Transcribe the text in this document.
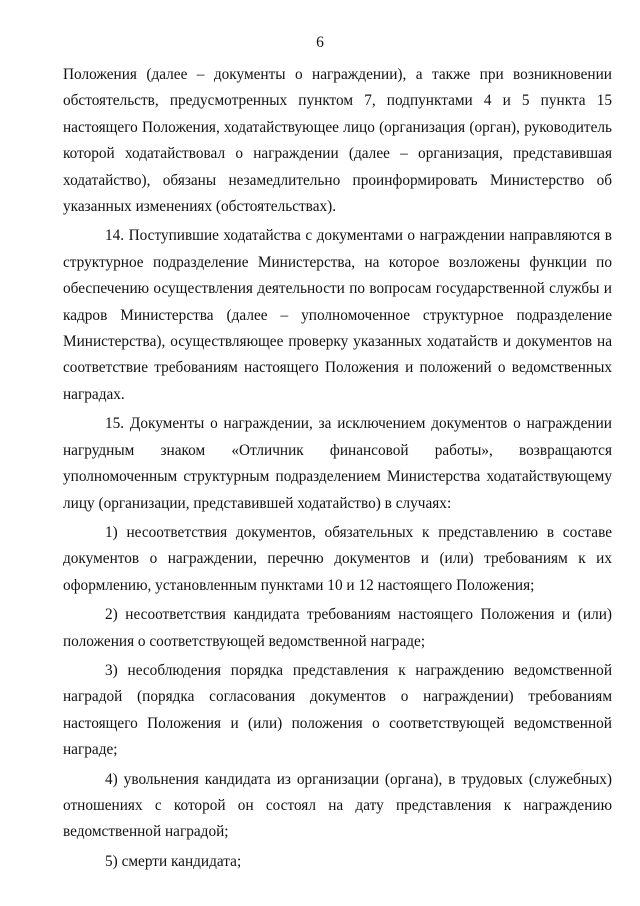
6

Положения (далее – документы о награждении), а также при возникновении обстоятельств, предусмотренных пунктом 7, подпунктами 4 и 5 пункта 15 настоящего Положения, ходатайствующее лицо (организация (орган), руководитель которой ходатайствовал о награждении (далее – организация, представившая ходатайство), обязаны незамедлительно проинформировать Министерство об указанных изменениях (обстоятельствах).

14. Поступившие ходатайства с документами о награждении направляются в структурное подразделение Министерства, на которое возложены функции по обеспечению осуществления деятельности по вопросам государственной службы и кадров Министерства (далее – уполномоченное структурное подразделение Министерства), осуществляющее проверку указанных ходатайств и документов на соответствие требованиям настоящего Положения и положений о ведомственных наградах.

15. Документы о награждении, за исключением документов о награждении нагрудным знаком «Отличник финансовой работы», возвращаются уполномоченным структурным подразделением Министерства ходатайствующему лицу (организации, представившей ходатайство) в случаях:

1) несоответствия документов, обязательных к представлению в составе документов о награждении, перечню документов и (или) требованиям к их оформлению, установленным пунктами 10 и 12 настоящего Положения;

2) несоответствия кандидата требованиям настоящего Положения и (или) положения о соответствующей ведомственной награде;

3) несоблюдения порядка представления к награждению ведомственной наградой (порядка согласования документов о награждении) требованиям настоящего Положения и (или) положения о соответствующей ведомственной награде;

4) увольнения кандидата из организации (органа), в трудовых (служебных) отношениях с которой он состоял на дату представления к награждению ведомственной наградой;

5) смерти кандидата;
